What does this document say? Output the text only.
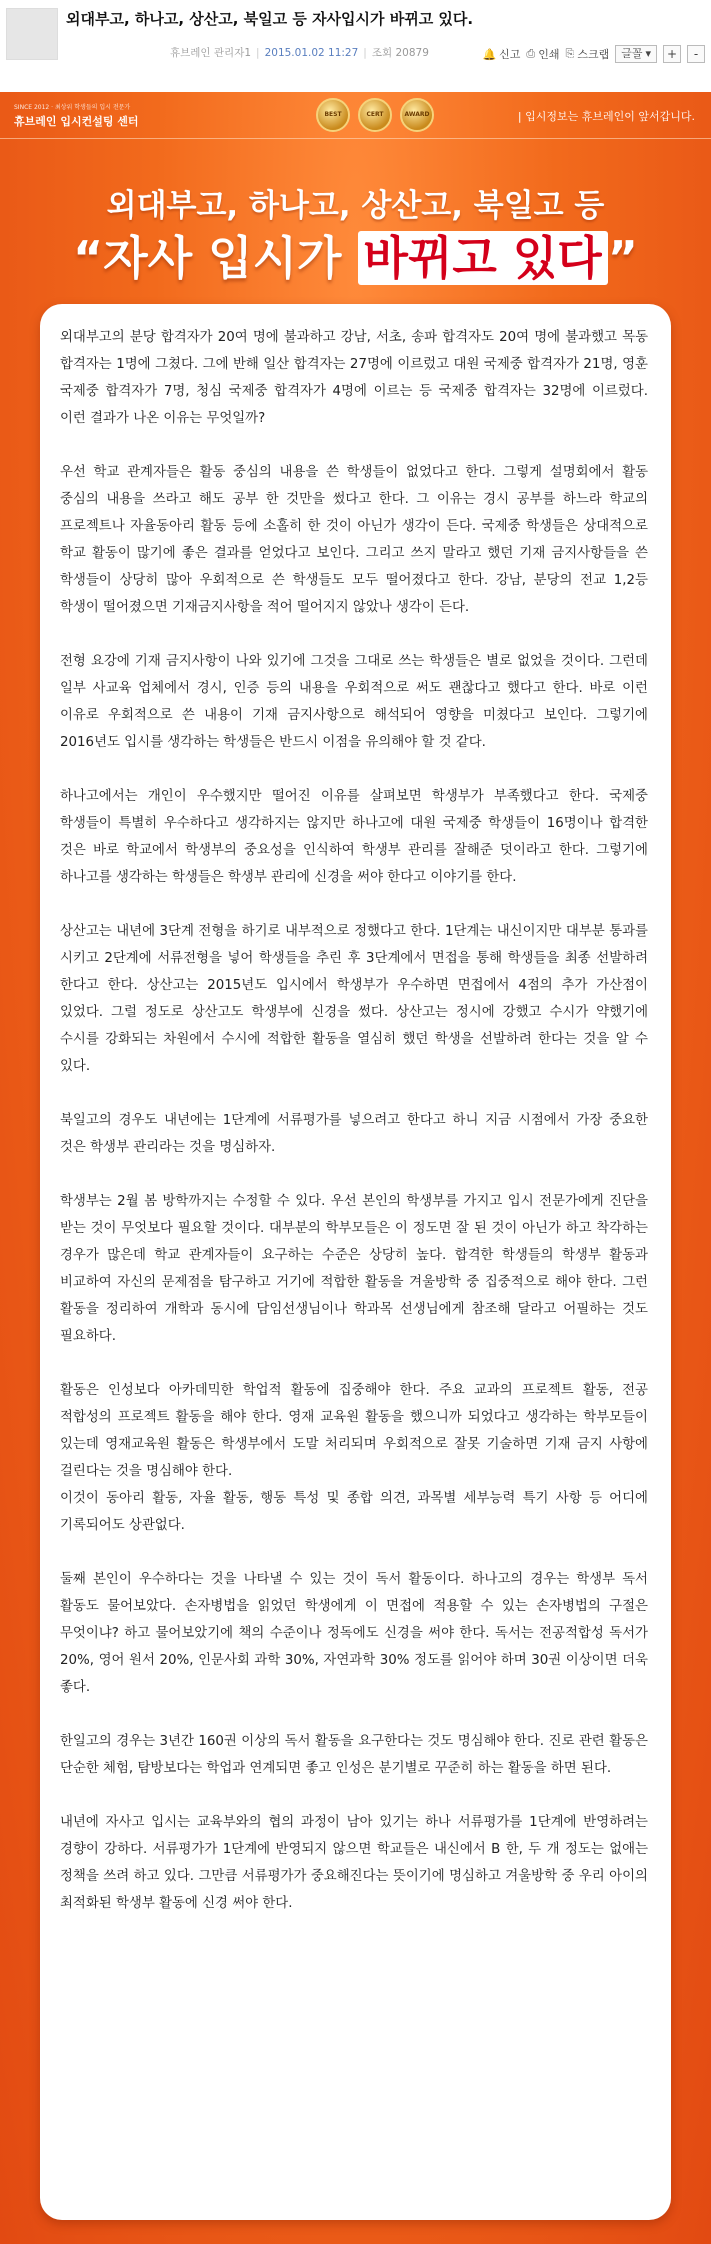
외대부고, 하나고, 상산고, 북일고 등 자사입시가 바뀌고 있다.
휴브레인 관리자1 | 2015.01.02 11:27 | 조회 20879	🔔 신고 ⎙ 인쇄 ⎘ 스크랩 글꼴 ▾	+	-
SINCE 2012 · 최상위 학생들의 입시 전문가
휴브레인 입시컨설팅 센터
BEST	CERT	AWARD	| 입시정보는 휴브레인이 앞서갑니다.
외대부고, 하나고, 상산고, 북일고 등
“자사 입시가 바뀌고 있다 ”

외대부고의 분당 합격자가 20여 명에 불과하고 강남, 서초, 송파 합격자도 20여 명에 불과했고 목동 합격자는 1명에 그쳤다. 그에 반해 일산 합격자는 27명에 이르렀고 대원 국제중 합격자가 21명, 영훈 국제중 합격자가 7명, 청심 국제중 합격자가 4명에 이르는 등 국제중 합격자는 32명에 이르렀다. 이런 결과가 나온 이유는 무엇일까?

우선 학교 관계자들은 활동 중심의 내용을 쓴 학생들이 없었다고 한다. 그렇게 설명회에서 활동 중심의 내용을 쓰라고 해도 공부 한 것만을 썼다고 한다. 그 이유는 경시 공부를 하느라 학교의 프로젝트나 자율동아리 활동 등에 소홀히 한 것이 아닌가 생각이 든다. 국제중 학생들은 상대적으로 학교 활동이 많기에 좋은 결과를 얻었다고 보인다. 그리고 쓰지 말라고 했던 기재 금지사항들을 쓴 학생들이 상당히 많아 우회적으로 쓴 학생들도 모두 떨어졌다고 한다. 강남, 분당의 전교 1,2등 학생이 떨어졌으면 기재금지사항을 적어 떨어지지 않았나 생각이 든다.

전형 요강에 기재 금지사항이 나와 있기에 그것을 그대로 쓰는 학생들은 별로 없었을 것이다. 그런데 일부 사교육 업체에서 경시, 인증 등의 내용을 우회적으로 써도 괜찮다고 했다고 한다. 바로 이런 이유로 우회적으로 쓴 내용이 기재 금지사항으로 해석되어 영향을 미쳤다고 보인다. 그렇기에 2016년도 입시를 생각하는 학생들은 반드시 이점을 유의해야 할 것 같다.

하나고에서는 개인이 우수했지만 떨어진 이유를 살펴보면 학생부가 부족했다고 한다. 국제중 학생들이 특별히 우수하다고 생각하지는 않지만 하나고에 대원 국제중 학생들이 16명이나 합격한 것은 바로 학교에서 학생부의 중요성을 인식하여 학생부 관리를 잘해준 덧이라고 한다. 그렇기에 하나고를 생각하는 학생들은 학생부 관리에 신경을 써야 한다고 이야기를 한다.

상산고는 내년에 3단계 전형을 하기로 내부적으로 정했다고 한다. 1단계는 내신이지만 대부분 통과를 시키고 2단계에 서류전형을 넣어 학생들을 추린 후 3단계에서 면접을 통해 학생들을 최종 선발하려 한다고 한다. 상산고는 2015년도 입시에서 학생부가 우수하면 면접에서 4점의 추가 가산점이 있었다. 그럴 정도로 상산고도 학생부에 신경을 썼다. 상산고는 정시에 강했고 수시가 약했기에 수시를 강화되는 차원에서 수시에 적합한 활동을 열심히 했던 학생을 선발하려 한다는 것을 알 수 있다.

북일고의 경우도 내년에는 1단계에 서류평가를 넣으려고 한다고 하니 지금 시점에서 가장 중요한 것은 학생부 관리라는 것을 명심하자.

학생부는 2월 봄 방학까지는 수정할 수 있다. 우선 본인의 학생부를 가지고 입시 전문가에게 진단을 받는 것이 무엇보다 필요할 것이다. 대부분의 학부모들은 이 정도면 잘 된 것이 아닌가 하고 착각하는 경우가 많은데 학교 관계자들이 요구하는 수준은 상당히 높다. 합격한 학생들의 학생부 활동과 비교하여 자신의 문제점을 탐구하고 거기에 적합한 활동을 겨울방학 중 집중적으로 해야 한다. 그런 활동을 정리하여 개학과 동시에 담임선생님이나 학과목 선생님에게 참조해 달라고 어필하는 것도 필요하다.

활동은 인성보다 아카데믹한 학업적 활동에 집중해야 한다. 주요 교과의 프로젝트 활동, 전공 적합성의 프로젝트 활동을 해야 한다. 영재 교육원 활동을 했으니까 되었다고 생각하는 학부모들이 있는데 영재교육원 활동은 학생부에서 도말 처리되며 우회적으로 잘못 기술하면 기재 금지 사항에 걸린다는 것을 명심해야 한다.

이것이 동아리 활동, 자율 활동, 행동 특성 및 종합 의견, 과목별 세부능력 특기 사항 등 어디에 기록되어도 상관없다.

둘째 본인이 우수하다는 것을 나타낼 수 있는 것이 독서 활동이다. 하나고의 경우는 학생부 독서 활동도 물어보았다. 손자병법을 읽었던 학생에게 이 면접에 적용할 수 있는 손자병법의 구절은 무엇이냐? 하고 물어보았기에 책의 수준이나 정독에도 신경을 써야 한다. 독서는 전공적합성 독서가 20%, 영어 원서 20%, 인문사회 과학 30%, 자연과학 30% 정도를 읽어야 하며 30권 이상이면 더욱 좋다.

한일고의 경우는 3년간 160권 이상의 독서 활동을 요구한다는 것도 명심해야 한다. 진로 관련 활동은 단순한 체험, 탐방보다는 학업과 연계되면 좋고 인성은 분기별로 꾸준히 하는 활동을 하면 된다.

내년에 자사고 입시는 교육부와의 협의 과정이 남아 있기는 하나 서류평가를 1단계에 반영하려는 경향이 강하다. 서류평가가 1단계에 반영되지 않으면 학교들은 내신에서 B 한, 두 개 정도는 없애는 정책을 쓰려 하고 있다. 그만큼 서류평가가 중요해진다는 뜻이기에 명심하고 겨울방학 중 우리 아이의 최적화된 학생부 활동에 신경 써야 한다.
